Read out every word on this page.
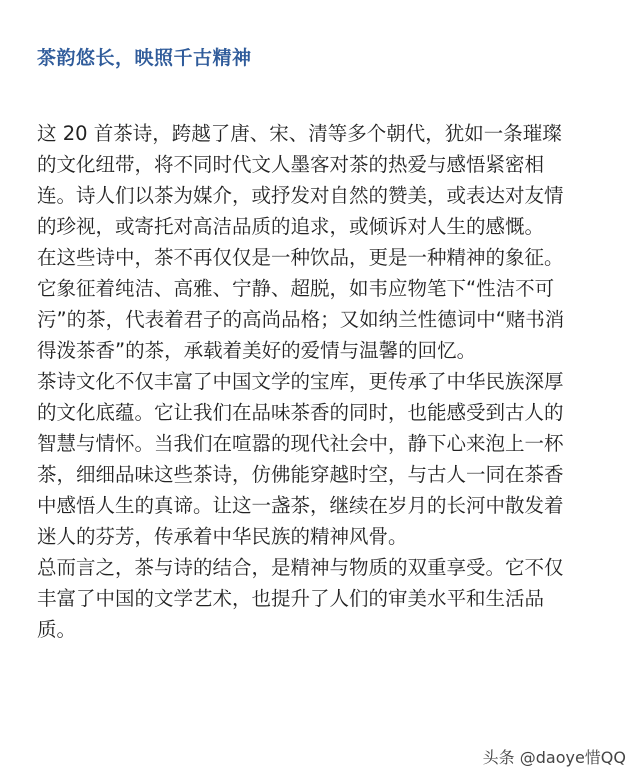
茶韵悠长，映照千古精神

这 20 首茶诗，跨越了唐、宋、清等多个朝代，犹如一条璀璨
的文化纽带，将不同时代文人墨客对茶的热爱与感悟紧密相
连。诗人们以茶为媒介，或抒发对自然的赞美，或表达对友情
的珍视，或寄托对高洁品质的追求，或倾诉对人生的感慨。

在这些诗中，茶不再仅仅是一种饮品，更是一种精神的象征。
它象征着纯洁、高雅、宁静、超脱，如韦应物笔下“性洁不可
污”的茶，代表着君子的高尚品格；又如纳兰性德词中“赌书消
得泼茶香”的茶，承载着美好的爱情与温馨的回忆。

茶诗文化不仅丰富了中国文学的宝库，更传承了中华民族深厚
的文化底蕴。它让我们在品味茶香的同时，也能感受到古人的
智慧与情怀。当我们在喧嚣的现代社会中，静下心来泡上一杯
茶，细细品味这些茶诗，仿佛能穿越时空，与古人一同在茶香
中感悟人生的真谛。让这一盏茶，继续在岁月的长河中散发着
迷人的芬芳，传承着中华民族的精神风骨。

总而言之，茶与诗的结合，是精神与物质的双重享受。它不仅
丰富了中国的文学艺术，也提升了人们的审美水平和生活品
质。

头条 @daoye惜QQ
